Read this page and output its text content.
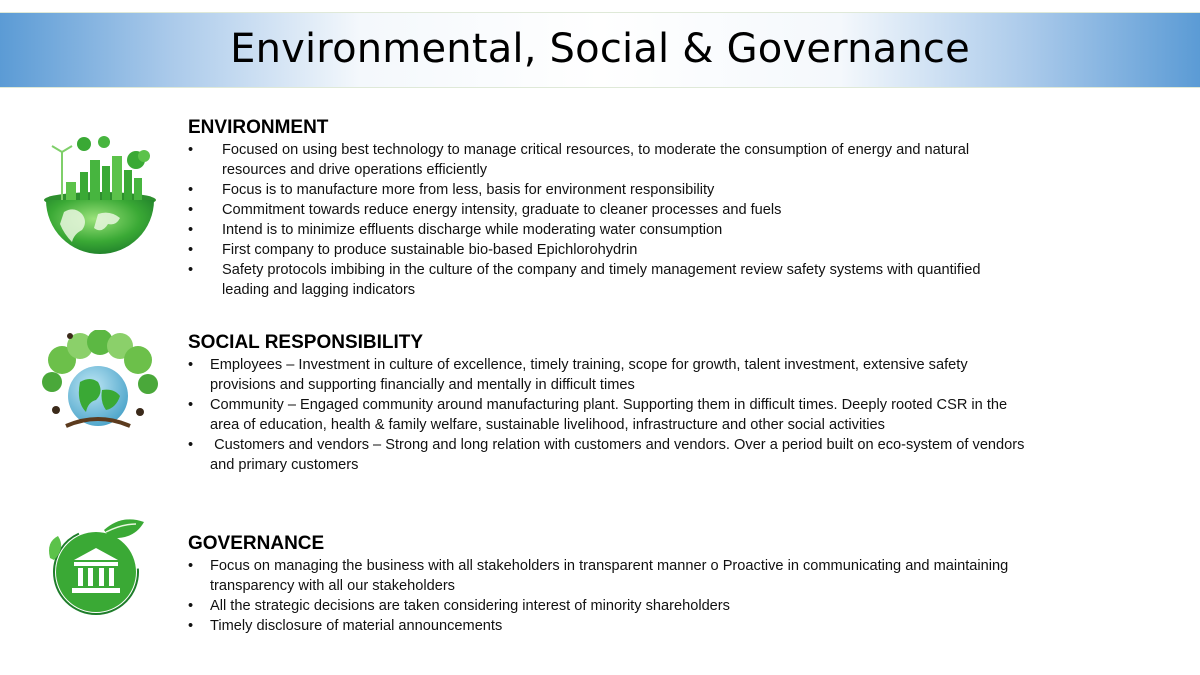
Environmental, Social & Governance
ENVIRONMENT
• Focused on using best technology to manage critical resources, to moderate the consumption of energy and natural resources and drive operations efficiently
• Focus is to manufacture more from less, basis for environment responsibility
• Commitment towards reduce energy intensity, graduate to cleaner processes and fuels
• Intend is to minimize effluents discharge while moderating water consumption
• First company to produce sustainable bio-based Epichlorohydrin
• Safety protocols imbibing in the culture of the company and timely management review safety systems with quantified leading and lagging indicators
SOCIAL RESPONSIBILITY
• Employees – Investment in culture of excellence, timely training, scope for growth, talent investment, extensive safety provisions and supporting financially and mentally in difficult times
• Community – Engaged community around manufacturing plant. Supporting them in difficult times. Deeply rooted CSR in the area of education, health & family welfare, sustainable livelihood, infrastructure and other social activities
• Customers and vendors – Strong and long relation with customers and vendors. Over a period built on eco-system of vendors and primary customers
GOVERNANCE
• Focus on managing the business with all stakeholders in transparent manner o Proactive in communicating and maintaining transparency with all our stakeholders
• All the strategic decisions are taken considering interest of minority shareholders
• Timely disclosure of material announcements
